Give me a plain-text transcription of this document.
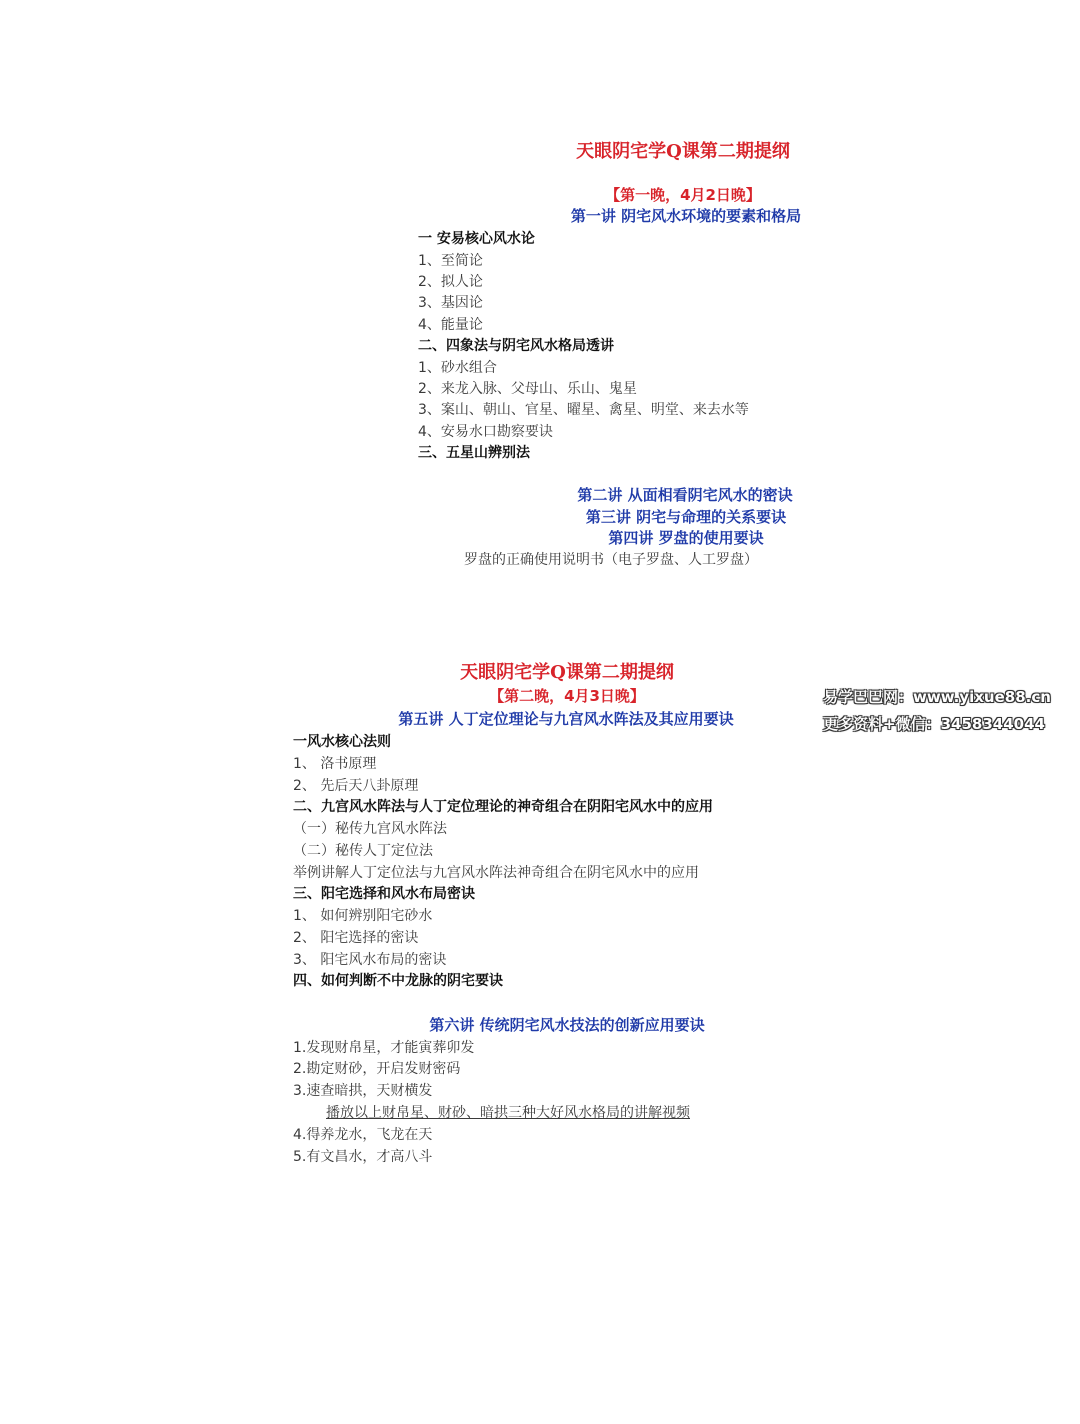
天眼阴宅学Q课第二期提纲
【第一晚，4月2日晚】
第一讲 阴宅风水环境的要素和格局
一 安易核心风水论
1、至简论
2、拟人论
3、基因论
4、能量论
二、四象法与阴宅风水格局透讲
1、砂水组合
2、来龙入脉、父母山、乐山、鬼星
3、案山、朝山、官星、曜星、禽星、明堂、来去水等
4、安易水口勘察要诀
三、五星山辨别法
第二讲 从面相看阴宅风水的密诀
第三讲 阴宅与命理的关系要诀
第四讲 罗盘的使用要诀
罗盘的正确使用说明书（电子罗盘、人工罗盘）
天眼阴宅学Q课第二期提纲
【第二晚，4月3日晚】
第五讲 人丁定位理论与九宫风水阵法及其应用要诀
一风水核心法则
1、 洛书原理
2、 先后天八卦原理
二、九宫风水阵法与人丁定位理论的神奇组合在阴阳宅风水中的应用
（一）秘传九宫风水阵法
（二）秘传人丁定位法
举例讲解人丁定位法与九宫风水阵法神奇组合在阴宅风水中的应用
三、阳宅选择和风水布局密诀
1、 如何辨别阳宅砂水
2、 阳宅选择的密诀
3、 阳宅风水布局的密诀
四、如何判断不中龙脉的阴宅要诀
第六讲 传统阴宅风水技法的创新应用要诀
1.发现财帛星，才能寅葬卯发
2.勘定财砂，开启发财密码
3.速查暗拱，天财横发
播放以上财帛星、财砂、暗拱三种大好风水格局的讲解视频
4.得养龙水，飞龙在天
5.有文昌水，才高八斗
易学巴巴网：www.yixue88.cn
更多资料+微信：3458344044
